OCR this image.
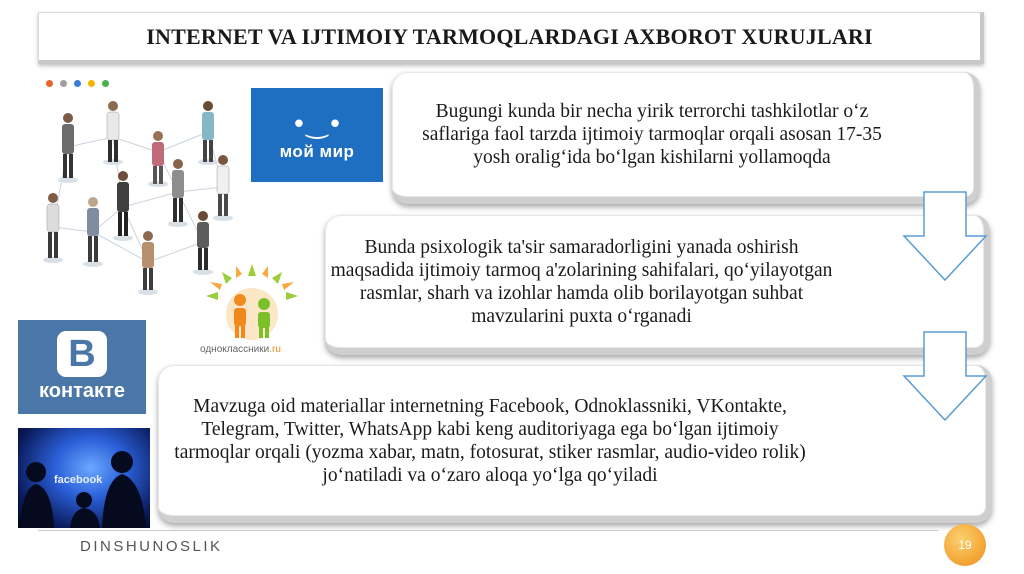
INTERNET VA IJTIMOIY TARMOQLARDAGI AXBOROT XURUJLARI
•‿•
мой мир
одноклассники.ru
B
контакте
facebook

Bugungi kunda bir necha yirik terrorchi tashkilotlar o‘z saflariga faol tarzda ijtimoiy tarmoqlar orqali asosan 17-35 yosh oralig‘ida bo‘lgan kishilarni yollamoqda

Bunda psixologik ta'sir samaradorligini yanada oshirish maqsadida ijtimoiy tarmoq a'zolarining sahifalari, qo‘yilayotgan rasmlar, sharh va izohlar hamda olib borilayotgan suhbat mavzularini puxta o‘rganadi

Mavzuga oid materiallar internetning Facebook, Odnoklassniki, VKontakte, Telegram, Twitter, WhatsApp kabi keng auditoriyaga ega bo‘lgan ijtimoiy tarmoqlar orqali (yozma xabar, matn, fotosurat, stiker rasmlar, audio-video rolik) jo‘natiladi va o‘zaro aloqa yo‘lga qo‘yiladi

DINSHUNOSLIK	19
